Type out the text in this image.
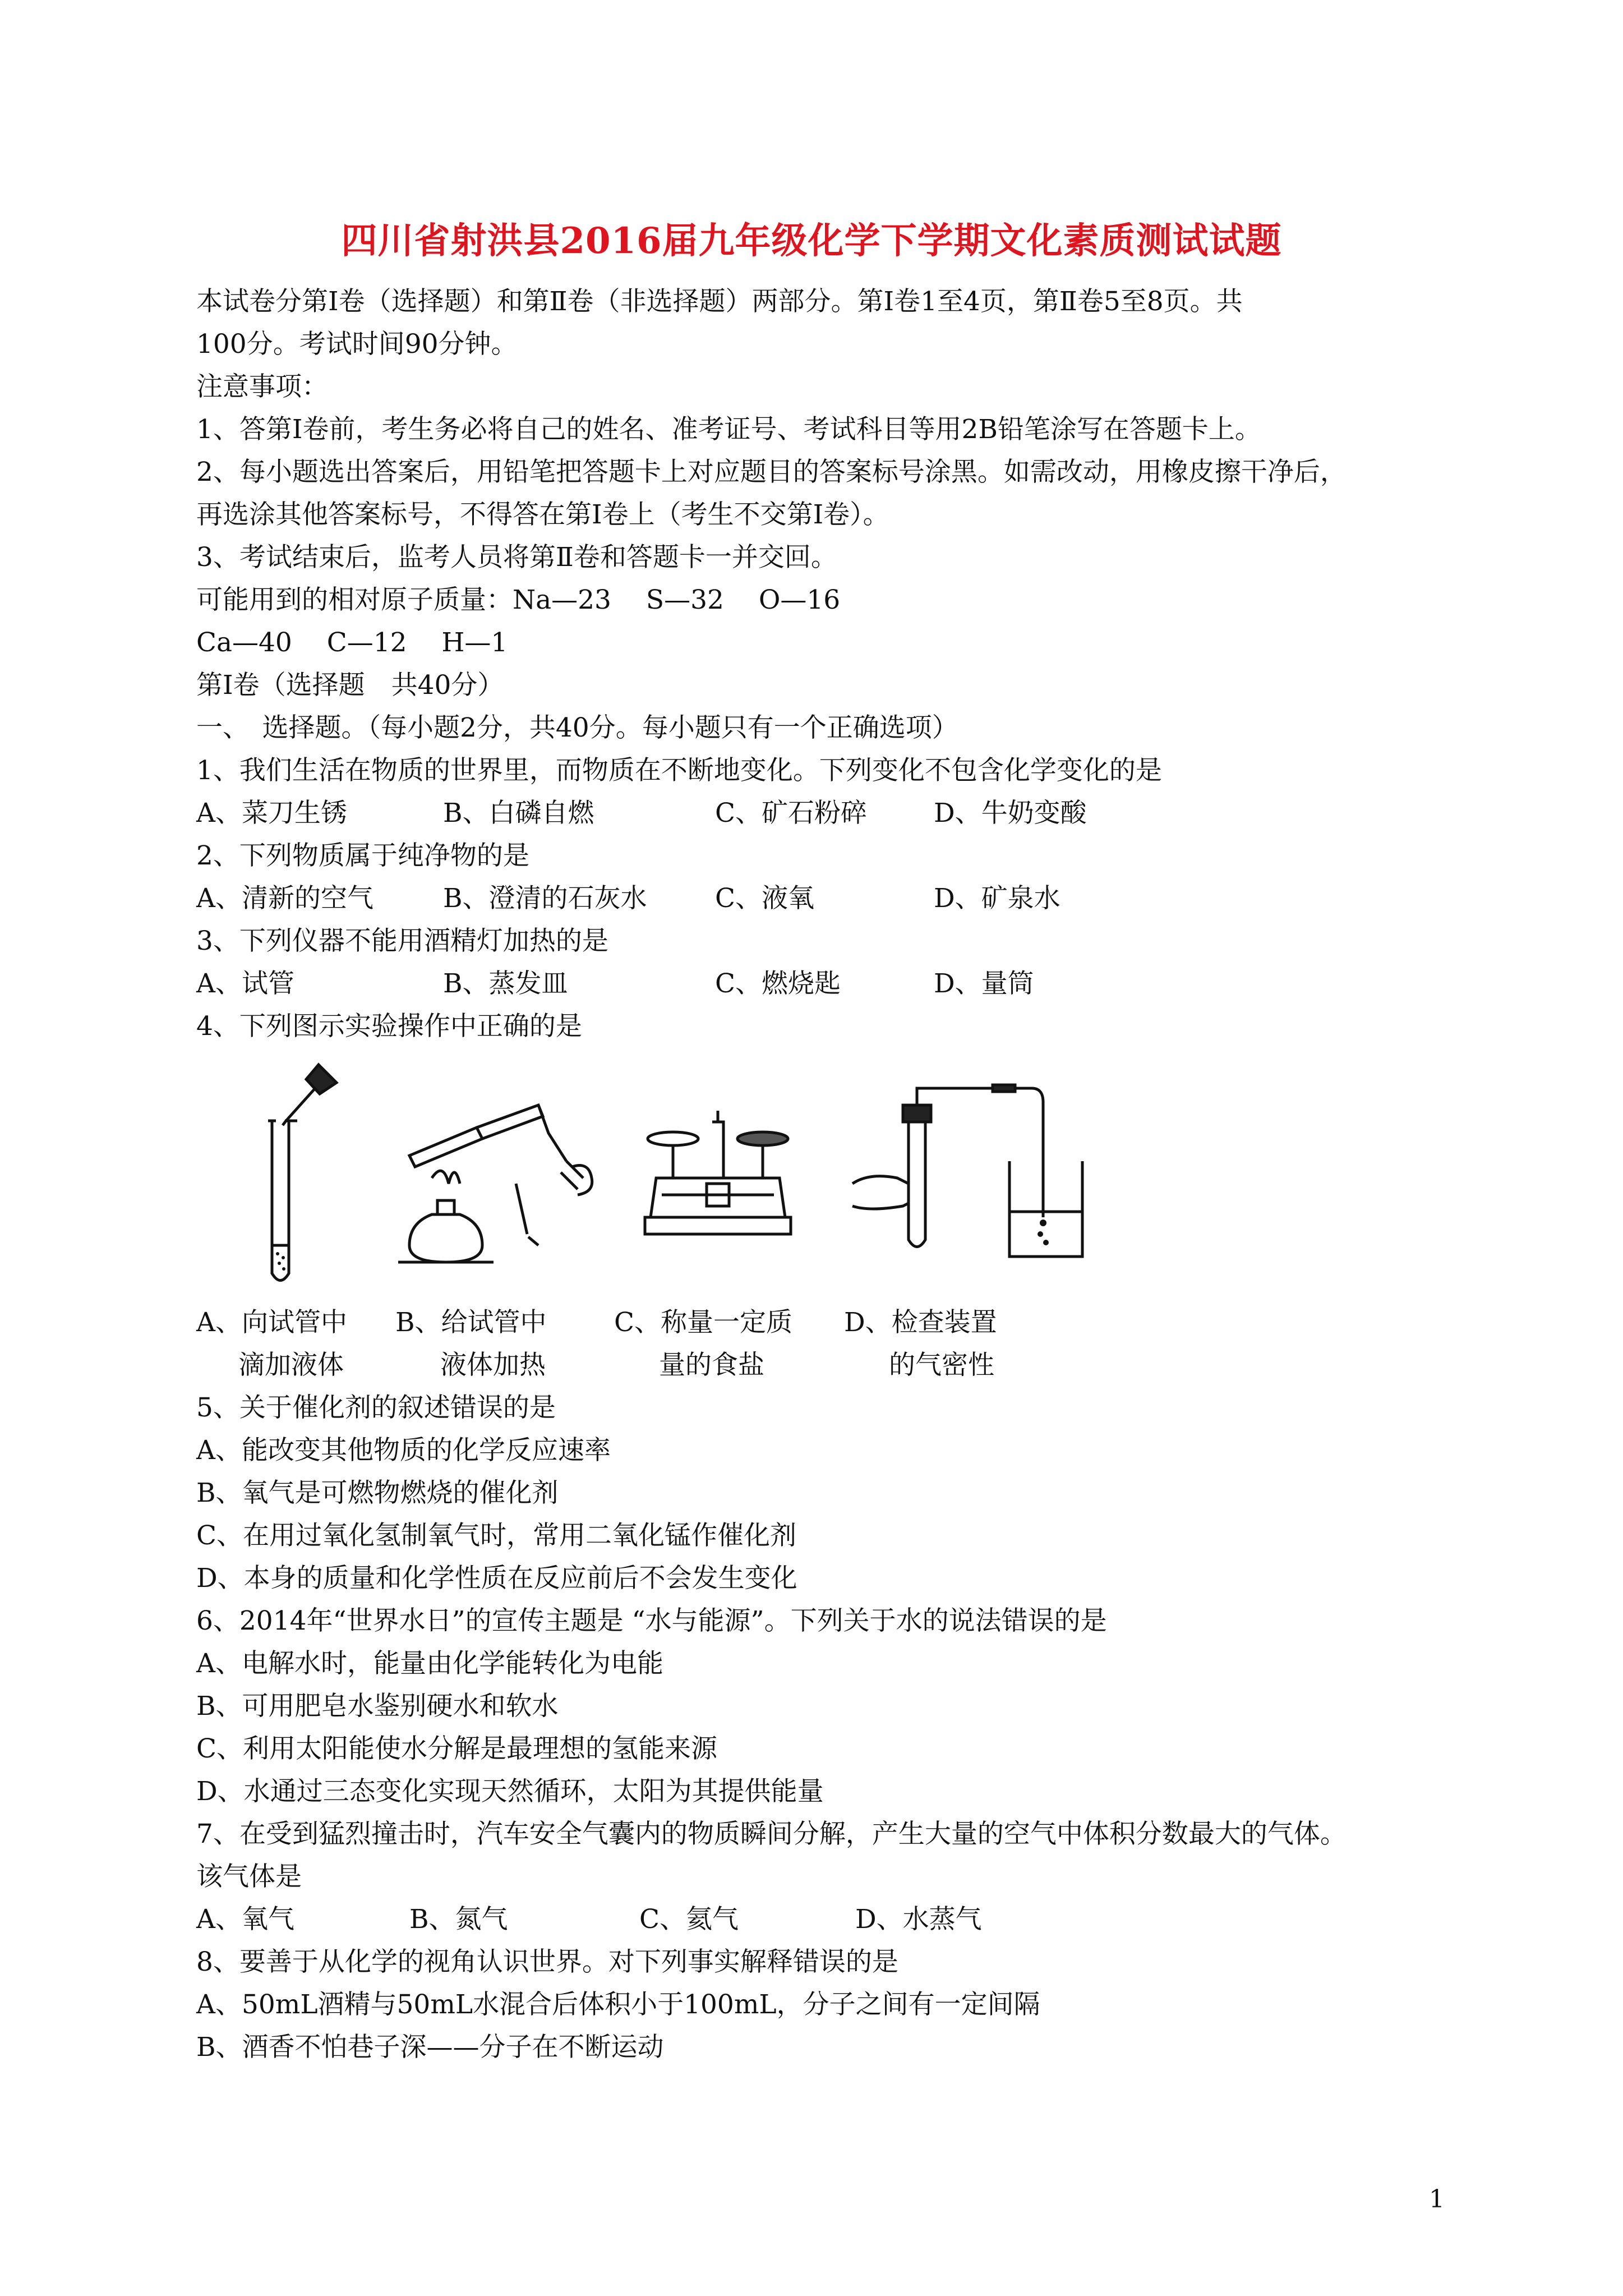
四川省射洪县2016届九年级化学下学期文化素质测试试题
本试卷分第Ⅰ卷（选择题）和第Ⅱ卷（非选择题）两部分。第Ⅰ卷1至4页，第Ⅱ卷5至8页。共
100分。考试时间90分钟。
注意事项：
1、答第Ⅰ卷前，考生务必将自己的姓名、准考证号、考试科目等用2B铅笔涂写在答题卡上。
2、每小题选出答案后，用铅笔把答题卡上对应题目的答案标号涂黑。如需改动，用橡皮擦干净后，
再选涂其他答案标号，不得答在第Ⅰ卷上（考生不交第Ⅰ卷）。
3、考试结束后，监考人员将第Ⅱ卷和答题卡一并交回。
可能用到的相对原子质量：Na—23　 S—32　 O—16
Ca—40　 C—12　 H—1
第Ⅰ卷（选择题　共40分）
一、　选择题。（每小题2分，共40分。每小题只有一个正确选项）
1、我们生活在物质的世界里，而物质在不断地变化。下列变化不包含化学变化的是
A、菜刀生锈	B、白磷自燃	C、矿石粉碎	D、牛奶变酸
2、下列物质属于纯净物的是
A、清新的空气	B、澄清的石灰水	C、液氧	D、矿泉水
3、下列仪器不能用酒精灯加热的是
A、试管	B、蒸发皿	C、燃烧匙	D、量筒
4、下列图示实验操作中正确的是
A、向试管中 B、给试管中	C、称量一定质 D、检查装置
滴加液体	液体加热	量的食盐	的气密性
5、关于催化剂的叙述错误的是
A、能改变其他物质的化学反应速率
B、氧气是可燃物燃烧的催化剂
C、在用过氧化氢制氧气时，常用二氧化锰作催化剂
D、本身的质量和化学性质在反应前后不会发生变化
6、2014年“世界水日”的宣传主题是 “水与能源”。下列关于水的说法错误的是
A、电解水时，能量由化学能转化为电能
B、可用肥皂水鉴别硬水和软水
C、利用太阳能使水分解是最理想的氢能来源
D、水通过三态变化实现天然循环，太阳为其提供能量
7、在受到猛烈撞击时，汽车安全气囊内的物质瞬间分解，产生大量的空气中体积分数最大的气体。
该气体是
A、氧气	B、氮气	C、氦气	D、水蒸气
8、要善于从化学的视角认识世界。对下列事实解释错误的是
A、50mL酒精与50mL水混合后体积小于100mL，分子之间有一定间隔
B、酒香不怕巷子深——分子在不断运动
1
